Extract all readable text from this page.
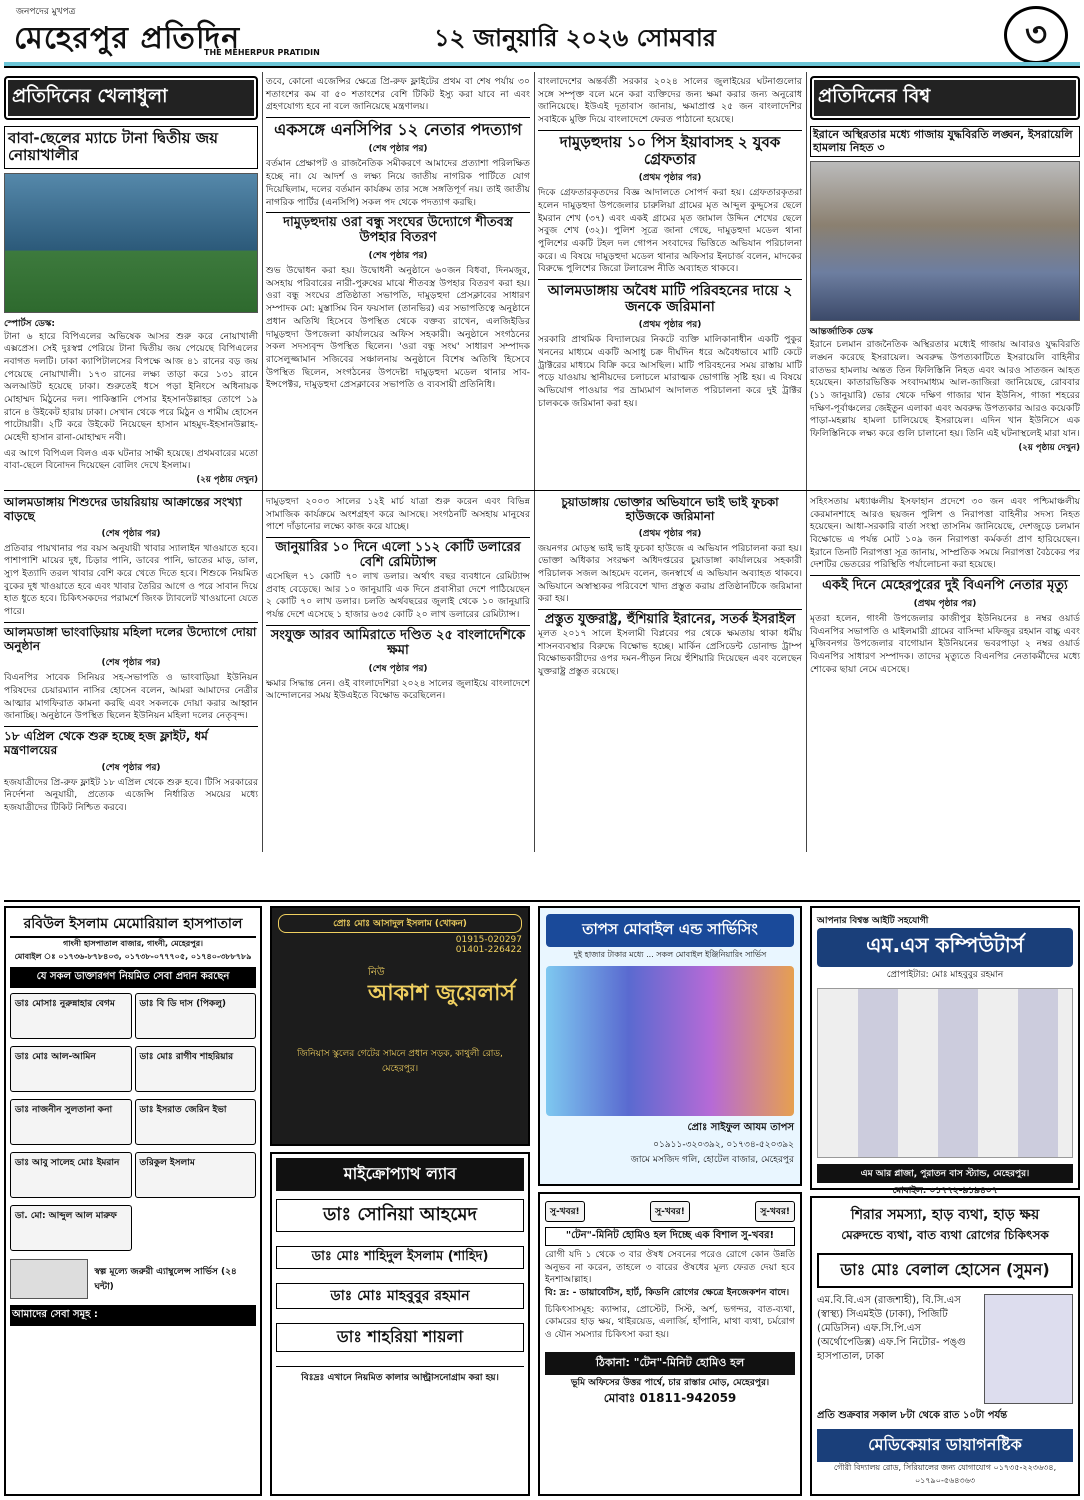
জনপদের মুখপত্র
মেহেরপুর প্রতিদিন
THE MEHERPUR PRATIDIN
১২ জানুয়ারি ২০২৬ সোমবার	৩
প্রতিদিনের খেলাধুলা
বাবা-ছেলের ম্যাচে টানা দ্বিতীয় জয় নোয়াখালীর
স্পোর্টস ডেস্ক:
টানা ৬ হারে বিপিএলের অভিষেক আসর শুরু করে নোয়াখালী এক্সপ্রেস। সেই দুঃস্বপ্ন পেরিয়ে টানা দ্বিতীয় জয় পেয়েছে বিপিএলের নবাগত দলটি। ঢাকা ক্যাপিটালসের বিপক্ষে আজ ৪১ রানের বড় জয় পেয়েছে নোয়াখালী। ১৭৩ রানের লক্ষ্য তাড়া করে ১৩১ রানে অলআউট হয়েছে ঢাকা। শুরুতেই ধসে পড়া ইনিংসে অধিনায়ক মোহাম্মদ মিঠুনের দল। পাকিস্তানি পেসার ইহসানউল্লাহর তোপে ১৯ রানে ৪ উইকেট হারায় ঢাকা। সেখান থেকে পরে মিঠুন ও শামীম হোসেন পাটোয়ারী। ২টি করে উইকেট নিয়েছেন হাসান মাহমুদ-ইহসানউল্লাহ-মেহেদী হাসান রানা-মোহাম্মদ নবী।
এর আগে বিপিএল বিলও এক ঘটনার সাক্ষী হয়েছে। প্রথমবারের মতো বাবা-ছেলে বিনোদন দিয়েছেন বোলিং দেখে ইসলাম।
(২য় পৃষ্ঠায় দেখুন)
তবে, কোনো এজেন্সির ক্ষেত্রে প্রি-রুফ ফ্লাইটের প্রথম বা শেষ পর্যায় ৩০ শতাংশের কম বা ৫০ শতাংশের বেশি টিকিট ইস্যু করা যাবে না এবং গ্রহণযোগ্য হবে না বলে জানিয়েছে মন্ত্রণালয়।
একসঙ্গে এনসিপির ১২ নেতার পদত্যাগ
(শেষ পৃষ্ঠার পর)
বর্তমান প্রেক্ষাপট ও রাজনৈতিক সমীকরণে আমাদের প্রত্যাশা পরিলক্ষিত হচ্ছে না। যে আদর্শ ও লক্ষ্য নিয়ে জাতীয় নাগরিক পার্টিতে যোগ দিয়েছিলাম, দলের বর্তমান কার্যক্রম তার সঙ্গে সঙ্গতিপূর্ণ নয়। তাই জাতীয় নাগরিক পার্টির (এনসিপি) সকল পদ থেকে পদত্যাগ করছি।
দামুড়হুদায় ওরা বন্ধু সংঘের উদ্যোগে শীতবস্ত্র উপহার বিতরণ
(শেষ পৃষ্ঠার পর)
শুভ উদ্বোধন করা হয়। উদ্বোধনী অনুষ্ঠানে ৬০জন বিধবা, দিনমজুর, অসহায় পরিবারের নারী-পুরুষের মাঝে শীতবস্ত্র উপহার বিতরণ করা হয়। ওরা বন্ধু সংঘের প্রতিষ্ঠাতা সভাপতি, দামুড়হুদা প্রেসক্লাবের সাধারণ সম্পাদক মো: মুস্তাসিম বিন ফয়সাল (তানভির) এর সভাপতিত্বে অনুষ্ঠানে প্রধান অতিথি হিসেবে উপস্থিত থেকে বক্তব্য রাখেন, এলজিইডির দামুড়হুদা উপজেলা কার্যালয়ের অফিস সহকারী। অনুষ্ঠানে সংগঠনের সকল সদস্যবৃন্দ উপস্থিত ছিলেন। 'ওরা বন্ধু সংঘ' সাধারণ সম্পাদক রাসেলুজ্জামান সজিবের সঞ্চালনায় অনুষ্ঠানে বিশেষ অতিথি হিসেবে উপস্থিত ছিলেন, সংগঠনের উপদেষ্টা দামুড়হুদা মডেল থানার সাব-ইন্সপেক্টর, দামুড়হুদা প্রেসক্লাবের সভাপতি ও ব্যবসায়ী প্রতিনিধি।
বাংলাদেশের অন্তর্বর্তী সরকার ২০২৪ সালের জুলাইয়ের ঘটনাগুলোর সঙ্গে সম্পৃক্ত বলে মনে করা ব্যক্তিদের জন্য ক্ষমা করার জন্য অনুরোধ জানিয়েছে। ইউএই দূতাবাস জানায়, ক্ষমাপ্রাপ্ত ২৫ জন বাংলাদেশির সবাইকে মুক্তি দিয়ে বাংলাদেশে ফেরত পাঠানো হয়েছে।
দামুড়হুদায় ১০ পিস ইয়াবাসহ ২ যুবক গ্রেফতার
(প্রথম পৃষ্ঠার পর)
দিকে গ্রেফতারকৃতদের বিজ্ঞ আদালতে সোপর্দ করা হয়। গ্রেফতারকৃতরা হলেন দামুড়হুদা উপজেলার চারুলিয়া গ্রামের মৃত আব্দুল কুদ্দুসের ছেলে ইমরান শেখ (৩৭) এবং একই গ্রামের মৃত জামাল উদ্দিন শেখের ছেলে সবুজ শেখ (৩২)। পুলিশ সূত্রে জানা গেছে, দামুড়হুদা মডেল থানা পুলিশের একটি টহল দল গোপন সংবাদের ভিত্তিতে অভিযান পরিচালনা করে। এ বিষয়ে দামুড়হুদা মডেল থানার অফিসার ইনচার্জ বলেন, মাদকের বিরুদ্ধে পুলিশের জিরো টলারেন্স নীতি অব্যাহত থাকবে।
আলমডাঙ্গায় অবৈধ মাটি পরিবহনের দায়ে ২ জনকে জরিমানা
(প্রথম পৃষ্ঠার পর)
সরকারি প্রাথমিক বিদ্যালয়ের নিকটে ব্যক্তি মালিকানাধীন একটি পুকুর খননের মাধ্যমে একটি অসাধু চক্র দীর্ঘদিন ধরে অবৈধভাবে মাটি কেটে ট্রাক্টরের মাধ্যমে বিক্রি করে আসছিল। মাটি পরিবহনের সময় রাস্তায় মাটি পড়ে যাওয়ায় স্থানীয়দের চলাচলে মারাত্মক ভোগান্তি সৃষ্টি হয়। এ বিষয়ে অভিযোগ পাওয়ার পর ভ্রাম্যমাণ আদালত পরিচালনা করে দুই ট্রাক্টর চালককে জরিমানা করা হয়।
প্রতিদিনের বিশ্ব
ইরানে অস্থিরতার মধ্যে গাজায় যুদ্ধবিরতি লঙ্ঘন, ইসরায়েলি হামলায় নিহত ৩
আন্তর্জাতিক ডেস্ক
ইরানে চলমান রাজনৈতিক অস্থিরতার মধ্যেই গাজায় আবারও যুদ্ধবিরতি লঙ্ঘন করেছে ইসরায়েল। অবরুদ্ধ উপত্যকাটিতে ইসরায়েলি বাহিনীর রাতভর হামলায় অন্তত তিন ফিলিস্তিনি নিহত এবং আরও সাতজন আহত হয়েছেন। কাতারভিত্তিক সংবাদমাধ্যম আল-জাজিরা জানিয়েছে, রোববার (১১ জানুয়ারি) ভোর থেকে দক্ষিণ গাজার খান ইউনিস, গাজা শহরের দক্ষিণ-পূর্বাঞ্চলের জেইতুন এলাকা এবং অবরুদ্ধ উপত্যকার আরও কয়েকটি পাড়া-মহল্লায় হামলা চালিয়েছে ইসরায়েল। এদিন খান ইউনিসে এক ফিলিস্তিনিকে লক্ষ্য করে গুলি চালানো হয়। তিনি এই ঘটনাস্থলেই মারা যান।
(২য় পৃষ্ঠায় দেখুন)
আলমডাঙ্গায় শিশুদের ডায়রিয়ায় আক্রান্তের সংখ্যা বাড়ছে
(শেষ পৃষ্ঠার পর)
প্রতিবার পায়খানার পর বয়স অনুযায়ী খাবার স্যালাইন খাওয়াতে হবে। পাশাপাশি মায়ের দুধ, চিড়ার পানি, ডাবের পানি, ভাতের মাড়, ডাল, স্যুপ ইত্যাদি তরল খাবার বেশি করে খেতে দিতে হবে। শিশুকে নিয়মিত বুকের দুধ খাওয়াতে হবে এবং খাবার তৈরির আগে ও পরে সাবান দিয়ে হাত ধুতে হবে। চিকিৎসকদের পরামর্শে জিংক ট্যাবলেট খাওয়ানো যেতে পারে।
আলমডাঙ্গা ভাংবাড়িয়ায় মহিলা দলের উদ্যোগে দোয়া অনুষ্ঠান
(শেষ পৃষ্ঠার পর)
বিএনপির সাবেক সিনিয়র সহ-সভাপতি ও ভাংবাড়িয়া ইউনিয়ন পরিষদের চেয়ারম্যান নাসির হোসেন বলেন, আমরা আমাদের নেত্রীর আত্মার মাগফিরাত কামনা করছি এবং সকলকে দোয়া করার আহ্বান জানাচ্ছি। অনুষ্ঠানে উপস্থিত ছিলেন ইউনিয়ন মহিলা দলের নেতৃবৃন্দ।
১৮ এপ্রিল থেকে শুরু হচ্ছে হজ ফ্লাইট, ধর্ম মন্ত্রণালয়ের
(শেষ পৃষ্ঠার পর)
হজযাত্রীদের প্রি-রুফ ফ্লাইট ১৮ এপ্রিল থেকে শুরু হবে। টিসি সরকারের নির্দেশনা অনুযায়ী, প্রত্যেক এজেন্সি নির্ধারিত সময়ের মধ্যে হজযাত্রীদের টিকিট নিশ্চিত করবে।
দামুড়হুদা ২০০৩ সালের ১২ই মার্চ যাত্রা শুরু করেন এবং বিভিন্ন সামাজিক কার্যক্রমে অংশগ্রহণ করে আসছে। সংগঠনটি অসহায় মানুষের পাশে দাঁড়ানোর লক্ষ্যে কাজ করে যাচ্ছে।
জানুয়ারির ১০ দিনে এলো ১১২ কোটি ডলারের বেশি রেমিট্যান্স
এসেছিল ৭১ কোটি ৭০ লাখ ডলার। অর্থাৎ বছর ব্যবধানে রেমিট্যান্স প্রবাহ বেড়েছে। আর ১০ জানুয়ারি এক দিনে প্রবাসীরা দেশে পাঠিয়েছেন ২ কোটি ৭০ লাখ ডলার। চলতি অর্থবছরের জুলাই থেকে ১০ জানুয়ারি পর্যন্ত দেশে এসেছে ১ হাজার ৬৩৫ কোটি ২০ লাখ ডলারের রেমিট্যান্স।
সংযুক্ত আরব আমিরাতে দণ্ডিত ২৫ বাংলাদেশিকে ক্ষমা
(শেষ পৃষ্ঠার পর)
ক্ষমার সিদ্ধান্ত নেন। ওই বাংলাদেশিরা ২০২৪ সালের জুলাইয়ে বাংলাদেশে আন্দোলনের সময় ইউএইতে বিক্ষোভ করেছিলেন।
চুয়াডাঙ্গায় ভোক্তার অভিযানে ভাই ভাই ফুচকা হাউজকে জরিমানা
(প্রথম পৃষ্ঠার পর)
জয়নগর মোড়স্থ ভাই ভাই ফুচকা হাউজে এ অভিযান পরিচালনা করা হয়। ভোক্তা অধিকার সংরক্ষণ অধিদপ্তরের চুয়াডাঙ্গা কার্যালয়ের সহকারী পরিচালক সজল আহমেদ বলেন, জনস্বার্থে এ অভিযান অব্যাহত থাকবে। অভিযানে অস্বাস্থ্যকর পরিবেশে খাদ্য প্রস্তুত করায় প্রতিষ্ঠানটিকে জরিমানা করা হয়।
প্রস্তুত যুক্তরাষ্ট্র, হুঁশিয়ারি ইরানের, সতর্ক ইসরাইল
মূলত ২০১৭ সালে ইসলামী বিপ্লবের পর থেকে ক্ষমতায় থাকা ধর্মীয় শাসনব্যবস্থার বিরুদ্ধে বিক্ষোভ হচ্ছে। মার্কিন প্রেসিডেন্ট ডোনাল্ড ট্রাম্প বিক্ষোভকারীদের ওপর দমন-পীড়ন নিয়ে হুঁশিয়ারি দিয়েছেন এবং বলেছেন যুক্তরাষ্ট্র প্রস্তুত রয়েছে।
সহিংসতায় মধ্যাঞ্চলীয় ইসফাহান প্রদেশে ৩০ জন এবং পশ্চিমাঞ্চলীয় কেরমানশাহে আরও ছয়জন পুলিশ ও নিরাপত্তা বাহিনীর সদস্য নিহত হয়েছেন। আধা-সরকারি বার্তা সংস্থা তাসনিম জানিয়েছে, দেশজুড়ে চলমান বিক্ষোভে এ পর্যন্ত মোট ১০৯ জন নিরাপত্তা কর্মকর্তা প্রাণ হারিয়েছেন। ইরানে তিনটি নিরাপত্তা সূত্র জানায়, সাম্প্রতিক সময়ে নিরাপত্তা বৈঠকের পর দেশটির ভেতরের পরিস্থিতি পর্যালোচনা করা হয়েছে।
একই দিনে মেহেরপুরের দুই বিএনপি নেতার মৃত্যু
(প্রথম পৃষ্ঠার পর)
মৃতরা হলেন, গাংনী উপজেলার কাজীপুর ইউনিয়নের ৪ নম্বর ওয়ার্ড বিএনপির সভাপতি ও মাইলমারী গ্রামের বাসিন্দা মফিজুর রহমান বাচ্চু এবং মুজিবনগর উপজেলার বাগোয়ান ইউনিয়নের ভবরপাড়া ২ নম্বর ওয়ার্ড বিএনপির সাধারণ সম্পাদক। তাদের মৃত্যুতে বিএনপির নেতাকর্মীদের মধ্যে শোকের ছায়া নেমে এসেছে।
রবিউল ইসলাম মেমোরিয়াল হাসপাতাল
গাংনী হাসপাতাল বাজার, গাংনী, মেহেরপুর।
মোবাইল ঃ ০১৭৩৬-৮৭৮৪০৩, ০১৭৩৮-০৭৭৭০৫, ০১৭৪০-৩৮৮৭৮৯
যে সকল ডাক্তারগণ নিয়মিত সেবা প্রদান করছেন
ডাঃ মোসাঃ নুরুন্নাহার বেগম	ডাঃ বি ডি দাস (পিকলু)
ডাঃ মোঃ আল-আমিন	ডাঃ মোঃ রাগীব শাহরিয়ার
ডাঃ নাজনীন সুলতানা কনা	ডাঃ ইসরাত জেরিন ইভা
ডাঃ আবু সালেহ মোঃ ইমরান	তরিকুল ইসলাম
ডা. মো: আব্দুল আল মারুফ
স্বল্প মূল্যে জরুরী এ্যাম্বুলেন্স সার্ভিস (২৪ ঘন্টা)
আমাদের সেবা সমূহ :
প্রোঃ মোঃ আসাদুল ইসলাম (খোকন)
01915-020297
01401-226422
নিউ
আকাশ জুয়েলার্স
জিনিয়াস স্কুলের গেটের সামনে প্রধান সড়ক, কাথুলী রোড, মেহেরপুর।
মাইক্রোপ্যাথ ল্যাব
ডাঃ সোনিয়া আহমেদ
ডাঃ মোঃ শাহিদুল ইসলাম (শাহিদ)
ডাঃ মোঃ মাহবুবুর রহমান
ডাঃ শাহরিয়া শায়লা
বিঃদ্রঃ এখানে নিয়মিত কালার আল্ট্রাসনোগ্রাম করা হয়।
তাপস মোবাইল এন্ড সার্ভিসিং
দুই হাজার টাকার মধ্যে ... সকল মোবাইল ইঞ্জিনিয়ারিং সার্ভিস
প্রোঃ সাইফুল আযম তাপস
০১৯১১-৩২০৩৯২, ০১৭৩৪-৫২০৩৯২
জামে মসজিদ গলি, হোটেল বাজার, মেহেরপুর
সু-খবর!	সু-খবর!	সু-খবর!
"টেন"-মিনিট হোমিও হল দিচ্ছে এক বিশাল সু-খবর!
রোগী যদি ১ থেকে ৩ বার ঔষধ সেবনের পরেও রোগে কোন উন্নতি অনুভব না করেন, তাহলে ৩ বারের ঔষধের মূল্য ফেরত দেয়া হবে ইনশাআল্লাহ।
বি: দ্র: - ডায়াবেটিস, হার্ট, কিডনি রোগের ক্ষেত্রে ইনজেকশন বাদে।
চিকিৎসাসমূহ: ক্যান্সার, প্রোস্টেট, সিস্ট, অর্শ, ভগন্দর, বাত-ব্যথা, কোমরের হাড় ক্ষয়, থাইরয়েড, এলার্জি, হাঁপানি, মাথা ব্যথা, চর্মরোগ ও যৌন সমস্যার চিকিৎসা করা হয়।
ঠিকানা: "টেন"-মিনিট হোমিও হল
ভূমি অফিসের উত্তর পার্শ্বে, চার রাস্তার মোড়, মেহেরপুর।
মোবাঃ 01811-942059
আপনার বিশ্বস্ত আইটি সহযোগী
এম.এস কম্পিউটার্স
প্রোপাইটার: মোঃ মাহবুবুর রহমান
এম আর প্লাজা, পুরাতন বাস স্ট্যান্ড, মেহেরপুর।
মোবাইল: ০১৭৭২-৯১৯৪০৭
শিরার সমস্যা, হাড় ব্যথা, হাড় ক্ষয়
মেরুদন্ডে ব্যথা, বাত ব্যথা রোগের চিকিৎসক
ডাঃ মোঃ বেলাল হোসেন (সুমন)
এম.বি.বি.এস (রাজশাহী), বি.সি.এস (স্বাস্থ্য) সিএমইউ (ঢাকা), পিজিটি (মেডিসিন) এফ.সি.পি.এস (অর্থোপেডিক্স) এফ.পি নিটোর- পঙ্গু হাসপাতাল, ঢাকা
প্রতি শুক্রবার সকাল ৮টা থেকে রাত ১০টা পর্যন্ত
মেডিকেয়ার ডায়াগনষ্টিক
গৌরী বিদ্যালয় রোড, সিরিয়ালের জন্য যোগাযোগ ০১৭৩৫-২২৩৬৩৪, ০১৭৯০-৫৬৪৩৬৩
